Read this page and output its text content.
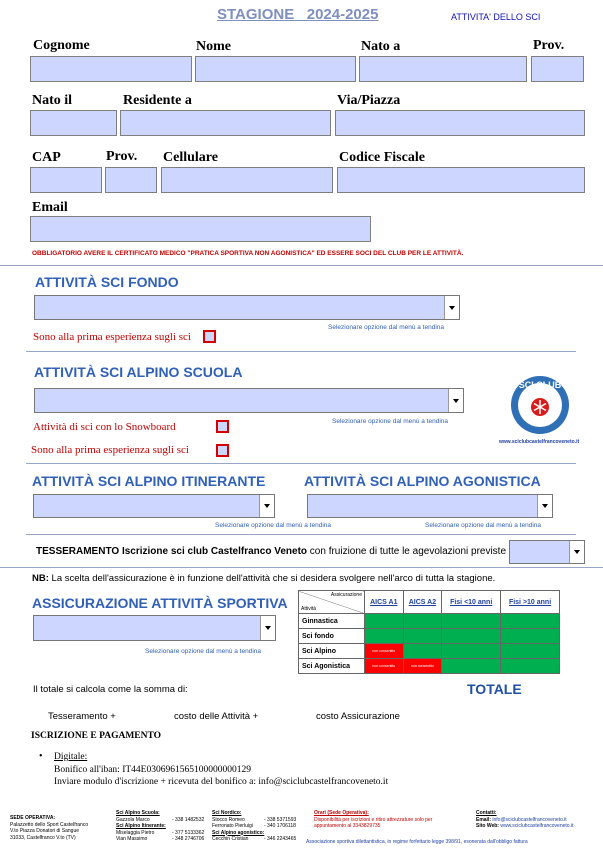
STAGIONE   2024-2025	ATTIVITA' DELLO SCI
Cognome	Nome	Nato a	Prov.
Nato il	Residente a	Via/Piazza
CAP	Prov. Cellulare	Codice Fiscale
Email
OBBLIGATORIO AVERE IL CERTIFICATO MEDICO "PRATICA SPORTIVA NON AGONISTICA" ED ESSERE SOCI DEL CLUB PER LE ATTIVITÀ.
ATTIVITÀ SCI FONDO
Selezionare opzione dal menù a tendina
Sono alla prima esperienza sugli sci
ATTIVITÀ SCI ALPINO SCUOLA
Selezionare opzione dal menù a tendina
Attività di sci con lo Snowboard
Sono alla prima esperienza sugli sci
SCI CLUB
www.sciclubcastelfrancoveneto.it
ATTIVITÀ SCI ALPINO ITINERANTE	ATTIVITÀ SCI ALPINO AGONISTICA
Selezionare opzione dal menù a tendina	Selezionare opzione dal menù a tendina
TESSERAMENTO Iscrizione sci club Castelfranco Veneto con fruizione di tutte le agevolazioni previste
NB: La scelta dell'assicurazione è in funzione dell'attività che si desidera svolgere nell'arco di tutta la stagione.
ASSICURAZIONE ATTIVITÀ SPORTIVA
Selezionare opzione dal menù a tendina
Assicurazione
Attività	AICS A1	AICS A2	Fisi <10 anni	Fisi >10 anni
Ginnastica				
Sci fondo				
Sci Alpino	non consentito			
Sci Agonistica	non consentito	non consentito		
Il totale si calcola come la somma di:	TOTALE
Tesseramento +	costo delle Attività +	costo Assicurazione
ISCRIZIONE E PAGAMENTO
• Digitale:
Bonifico all'iban: IT44E0306961565100000000129
Inviare modulo d'iscrizione + ricevuta del bonifico a: info@sciclubcastelfrancoveneto.it
SEDE OPERATIVA:
Palazzetto dello Sport Castelfranco
V.to Piazza Donatori di Sangue
31033, Castelfranco V.to (TV)
Sci Alpino Scuola:
Gazzola Marco	- 338 1482532
Sci Alpino Itinerante:
Miselaggia Pietro	- 377 5133362
Vian Massimo	- 348 2746706
Sci Nordico:
Stocco Romeo	- 338 5371593
Ferronato Pierluigi - 340 1706118
Sci Alpino agonistico:
Cecchin Cristian	- 346 2243465
Orari (Sede Operativa):
Disponibilità per iscrizioni e ritiro attrezzature solo per
appuntamento al 3343829735
Contatti:
Email: info@sciclubcastelfrancoveneto.it
Sito Web: www.sciclubcastelfrancoveneto.it
Associazione sportiva dilettantistica, in regime forfettario legge 398/91, esonerata dall'obbligo fattura
